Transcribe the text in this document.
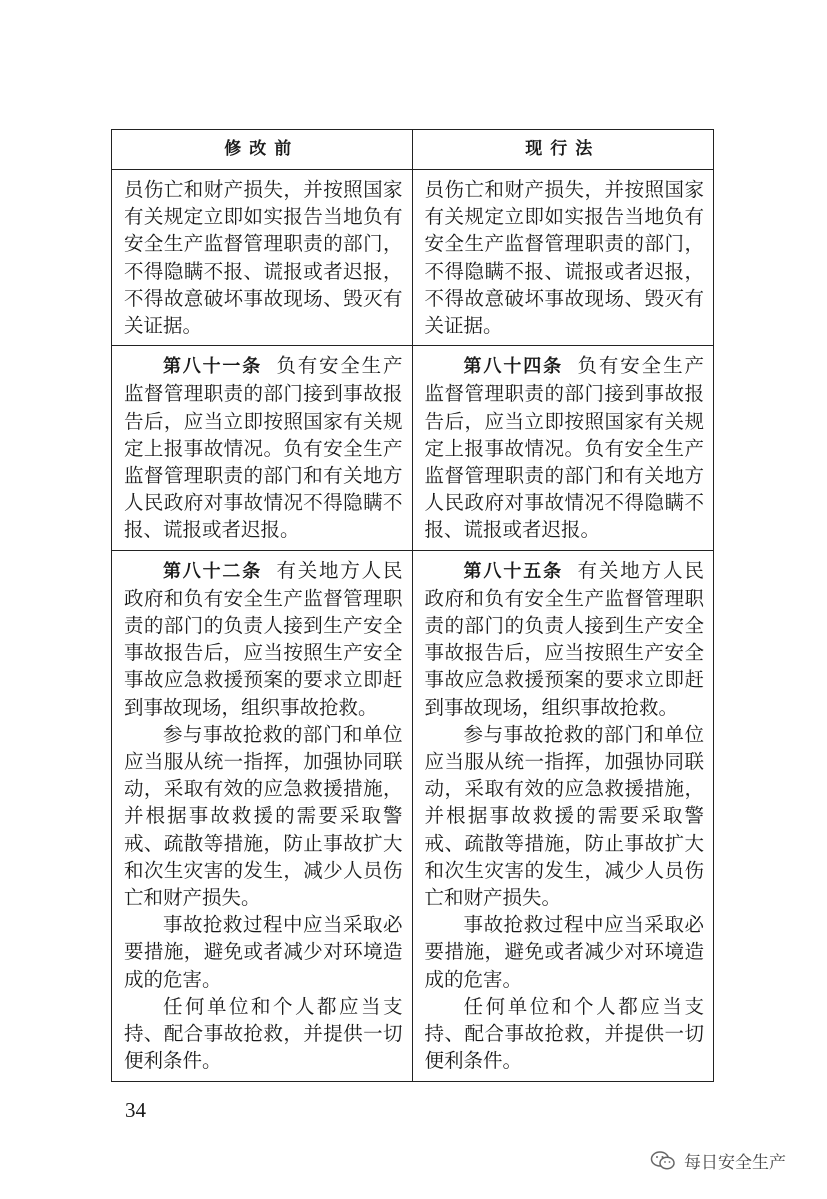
修改前	现行法

员伤亡和财产损失，并按照国家有关规定立即如实报告当地负有安全生产监督管理职责的部门，不得隐瞒不报、谎报或者迟报，不得故意破坏事故现场、毁灭有关证据。

员伤亡和财产损失，并按照国家有关规定立即如实报告当地负有安全生产监督管理职责的部门，不得隐瞒不报、谎报或者迟报，不得故意破坏事故现场、毁灭有关证据。

第八十一条 负有安全生产监督管理职责的部门接到事故报告后，应当立即按照国家有关规定上报事故情况。负有安全生产监督管理职责的部门和有关地方人民政府对事故情况不得隐瞒不报、谎报或者迟报。

第八十四条 负有安全生产监督管理职责的部门接到事故报告后，应当立即按照国家有关规定上报事故情况。负有安全生产监督管理职责的部门和有关地方人民政府对事故情况不得隐瞒不报、谎报或者迟报。

第八十二条 有关地方人民政府和负有安全生产监督管理职责的部门的负责人接到生产安全事故报告后，应当按照生产安全事故应急救援预案的要求立即赶到事故现场，组织事故抢救。

参与事故抢救的部门和单位应当服从统一指挥，加强协同联动，采取有效的应急救援措施，并根据事故救援的需要采取警戒、疏散等措施，防止事故扩大和次生灾害的发生，减少人员伤亡和财产损失。

事故抢救过程中应当采取必要措施，避免或者减少对环境造成的危害。

任何单位和个人都应当支持、配合事故抢救，并提供一切便利条件。

第八十五条 有关地方人民政府和负有安全生产监督管理职责的部门的负责人接到生产安全事故报告后，应当按照生产安全事故应急救援预案的要求立即赶到事故现场，组织事故抢救。

参与事故抢救的部门和单位应当服从统一指挥，加强协同联动，采取有效的应急救援措施，并根据事故救援的需要采取警戒、疏散等措施，防止事故扩大和次生灾害的发生，减少人员伤亡和财产损失。

事故抢救过程中应当采取必要措施，避免或者减少对环境造成的危害。

任何单位和个人都应当支持、配合事故抢救，并提供一切便利条件。

34
每日安全生产
